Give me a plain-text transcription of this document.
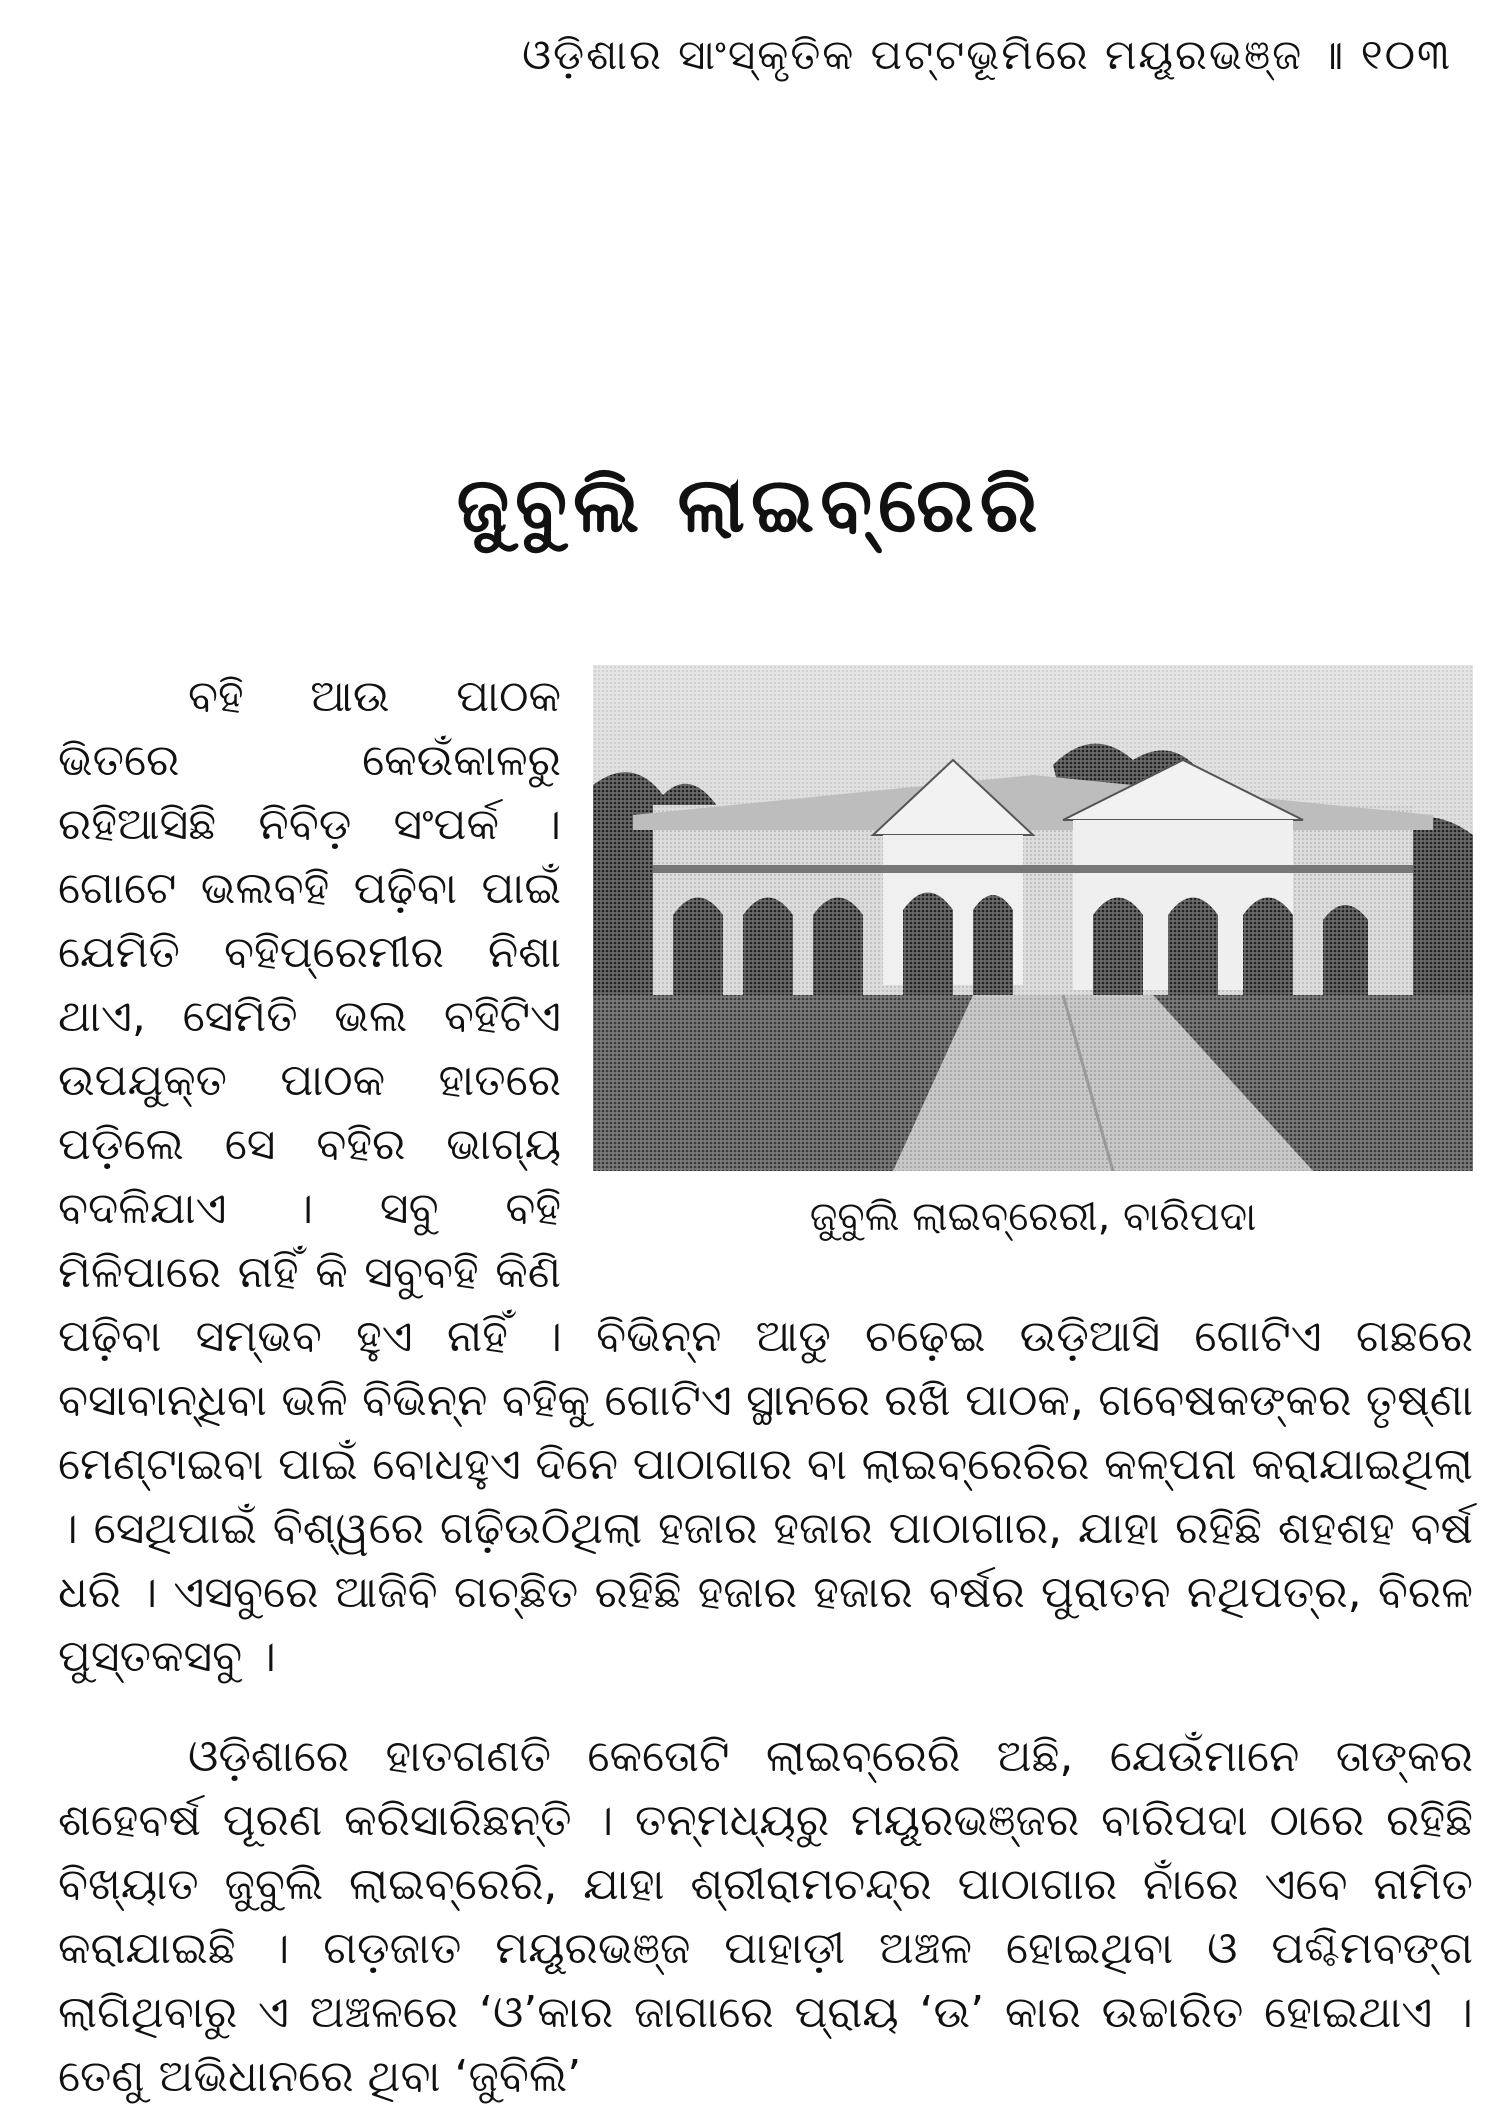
ଓଡ଼ିଶାର ସାଂସ୍କୃତିକ ପଟ୍ଟଭୂମିରେ ମୟୂରଭଞ୍ଜ ॥ ୧୦୩
ଜୁବୁଲି ଲାଇବ୍ରେରି
ଜୁବୁଲି ଲାଇବ୍ରେରୀ, ବାରିପଦା
ବହି ଆଉ ପାଠକ ଭିତରେ କେଉଁକାଳରୁ ରହିଆସିଛି ନିବିଡ଼ ସଂପର୍କ । ଗୋଟେ ଭଲବହି ପଢ଼ିବା ପାଇଁ ଯେମିତି ବହିପ୍ରେମୀର ନିଶା ଥାଏ, ସେମିତି ଭଲ ବହିଟିଏ ଉପଯୁକ୍ତ ପାଠକ ହାତରେ ପଡ଼ିଲେ ସେ ବହିର ଭାଗ୍ୟ ବଦଳିଯାଏ । ସବୁ ବହି ମିଳିପାରେ ନାହିଁ କି ସବୁବହି କିଣି ପଢ଼ିବା ସମ୍ଭବ ହୁଏ ନାହିଁ । ବିଭିନ୍ନ ଆଡୁ ଚଢ଼େଇ ଉଡ଼ିଆସି ଗୋଟିଏ ଗଛରେ ବସାବାନ୍ଧିବା ଭଳି ବିଭିନ୍ନ ବହିକୁ ଗୋଟିଏ ସ୍ଥାନରେ ରଖି ପାଠକ, ଗବେଷକଙ୍କର ତୃଷ୍ଣା ମେଣ୍ଟାଇବା ପାଇଁ ବୋଧହୁଏ ଦିନେ ପାଠାଗାର ବା ଲାଇବ୍ରେରିର କଳ୍ପନା କରାଯାଇଥିଲା । ସେଥିପାଇଁ ବିଶ୍ୱରେ ଗଢ଼ିଉଠିଥିଲା ହଜାର ହଜାର ପାଠାଗାର, ଯାହା ରହିଛି ଶହଶହ ବର୍ଷ ଧରି । ଏସବୁରେ ଆଜିବି ଗଚ୍ଛିତ ରହିଛି ହଜାର ହଜାର ବର୍ଷର ପୁରାତନ ନଥିପତ୍ର, ବିରଳ ପୁସ୍ତକସବୁ ।
ଓଡ଼ିଶାରେ ହାତଗଣତି କେତୋଟି ଲାଇବ୍ରେରି ଅଛି, ଯେଉଁମାନେ ତାଙ୍କର ଶହେବର୍ଷ ପୂରଣ କରିସାରିଛନ୍ତି । ତନ୍ମଧ୍ୟରୁ ମୟୂରଭଞ୍ଜର ବାରିପଦା ଠାରେ ରହିଛି ବିଖ୍ୟାତ ଜୁବୁଲି ଲାଇବ୍ରେରି, ଯାହା ଶ୍ରୀରାମଚନ୍ଦ୍ର ପାଠାଗାର ନାଁରେ ଏବେ ନାମିତ କରାଯାଇଛି । ଗଡ଼ଜାତ ମୟୂରଭଞ୍ଜ ପାହାଡ଼ୀ ଅଞ୍ଚଳ ହୋଇଥିବା ଓ ପଶ୍ଚିମବଙ୍ଗ ଲାଗିଥିବାରୁ ଏ ଅଞ୍ଚଳରେ ‘ଓ’କାର ଜାଗାରେ ପ୍ରାୟ ‘ଉ’ କାର ଉଚ୍ଚାରିତ ହୋଇଥାଏ ।ତେଣୁ ଅଭିଧାନରେ ଥିବା ‘ଜୁବିଲି’
